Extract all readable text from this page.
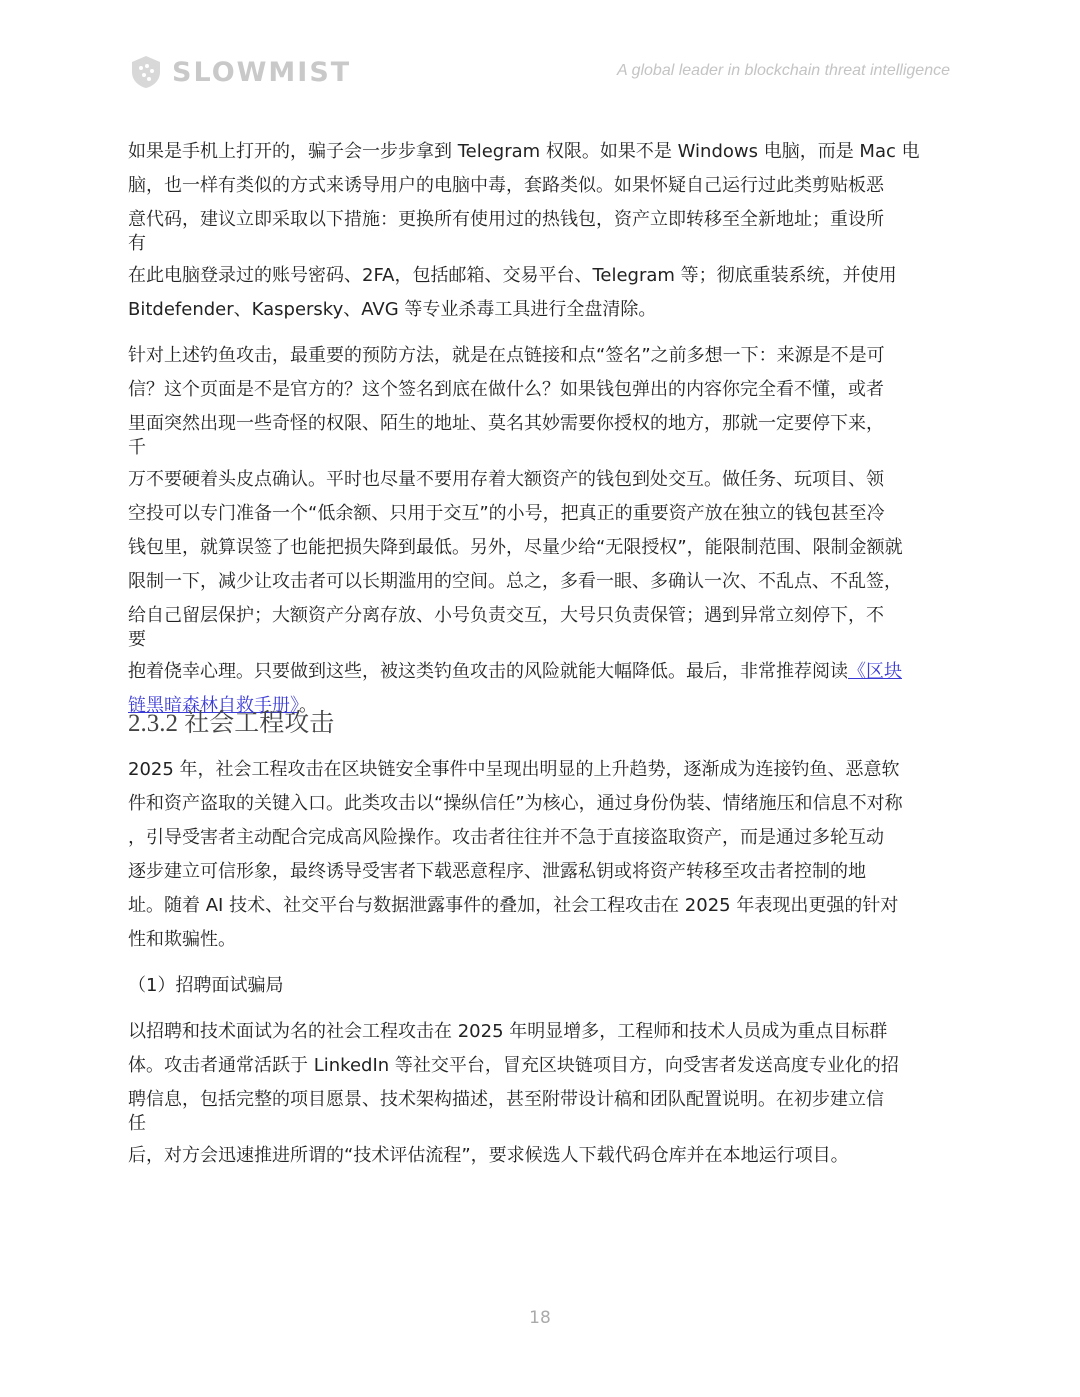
SLOWMIST	A global leader in blockchain threat intelligence
如果是手机上打开的，骗子会一步步拿到 Telegram 权限。如果不是 Windows 电脑，而是 Mac 电
脑，也一样有类似的方式来诱导用户的电脑中毒，套路类似。如果怀疑自己运行过此类剪贴板恶
意代码，建议立即采取以下措施：更换所有使用过的热钱包，资产立即转移至全新地址；重设所
有
在此电脑登录过的账号密码、2FA，包括邮箱、交易平台、Telegram 等；彻底重装系统，并使用
Bitdefender、Kaspersky、AVG 等专业杀毒工具进行全盘清除。
针对上述钓鱼攻击，最重要的预防方法，就是在点链接和点“签名”之前多想一下：来源是不是可
信？这个页面是不是官方的？这个签名到底在做什么？如果钱包弹出的内容你完全看不懂，或者
里面突然出现一些奇怪的权限、陌生的地址、莫名其妙需要你授权的地方，那就一定要停下来，
千
万不要硬着头皮点确认。平时也尽量不要用存着大额资产的钱包到处交互。做任务、玩项目、领
空投可以专门准备一个“低余额、只用于交互”的小号，把真正的重要资产放在独立的钱包甚至冷
钱包里，就算误签了也能把损失降到最低。另外，尽量少给“无限授权”，能限制范围、限制金额就
限制一下，减少让攻击者可以长期滥用的空间。总之，多看一眼、多确认一次、不乱点、不乱签，
给自己留层保护；大额资产分离存放、小号负责交互，大号只负责保管；遇到异常立刻停下，不
要
抱着侥幸心理。只要做到这些，被这类钓鱼攻击的风险就能大幅降低。最后，非常推荐阅读《区块
链黑暗森林自救手册》。
2.3.2 社会工程攻击
2025 年，社会工程攻击在区块链安全事件中呈现出明显的上升趋势，逐渐成为连接钓鱼、恶意软
件和资产盗取的关键入口。此类攻击以“操纵信任”为核心，通过身份伪装、情绪施压和信息不对称
，引导受害者主动配合完成高风险操作。攻击者往往并不急于直接盗取资产，而是通过多轮互动
逐步建立可信形象，最终诱导受害者下载恶意程序、泄露私钥或将资产转移至攻击者控制的地
址。随着 AI 技术、社交平台与数据泄露事件的叠加，社会工程攻击在 2025 年表现出更强的针对
性和欺骗性。
（1）招聘面试骗局
以招聘和技术面试为名的社会工程攻击在 2025 年明显增多，工程师和技术人员成为重点目标群
体。攻击者通常活跃于 LinkedIn 等社交平台，冒充区块链项目方，向受害者发送高度专业化的招
聘信息，包括完整的项目愿景、技术架构描述，甚至附带设计稿和团队配置说明。在初步建立信
任
后，对方会迅速推进所谓的“技术评估流程”，要求候选人下载代码仓库并在本地运行项目。
18
